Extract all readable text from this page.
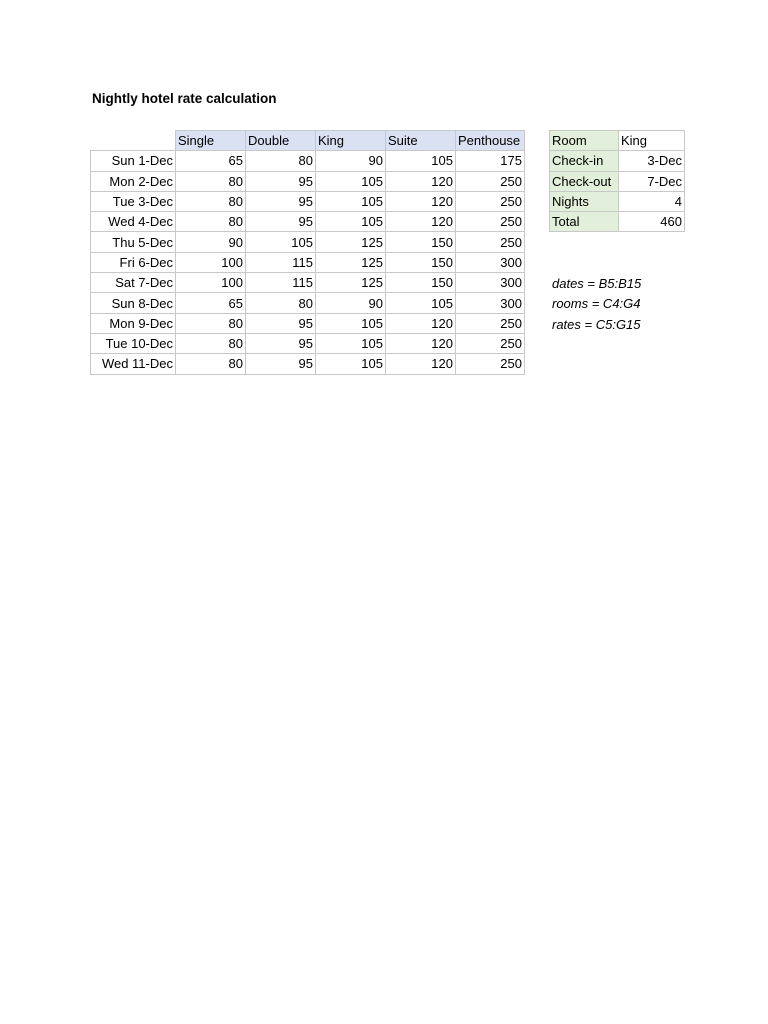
Nightly hotel rate calculation
	Single	Double	King	Suite	Penthouse
Sun 1-Dec	65	80	90	105	175
Mon 2-Dec	80	95	105	120	250
Tue 3-Dec	80	95	105	120	250
Wed 4-Dec	80	95	105	120	250
Thu 5-Dec	90	105	125	150	250
Fri 6-Dec	100	115	125	150	300
Sat 7-Dec	100	115	125	150	300
Sun 8-Dec	65	80	90	105	300
Mon 9-Dec	80	95	105	120	250
Tue 10-Dec	80	95	105	120	250
Wed 11-Dec	80	95	105	120	250
Room	King
Check-in	3-Dec
Check-out	7-Dec
Nights	4
Total	460
dates = B5:B15
rooms = C4:G4
rates = C5:G15
